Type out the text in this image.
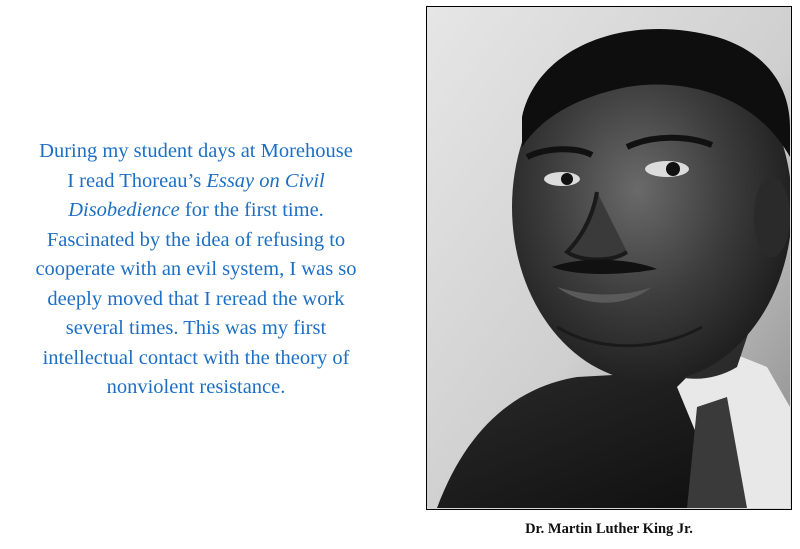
During my student days at Morehouse
I read Thoreau’s Essay on Civil
Disobedience for the first time.
Fascinated by the idea of refusing to
cooperate with an evil system, I was so
deeply moved that I reread the work
several times. This was my first
intellectual contact with the theory of
nonviolent resistance.
Dr. Martin Luther King Jr.
